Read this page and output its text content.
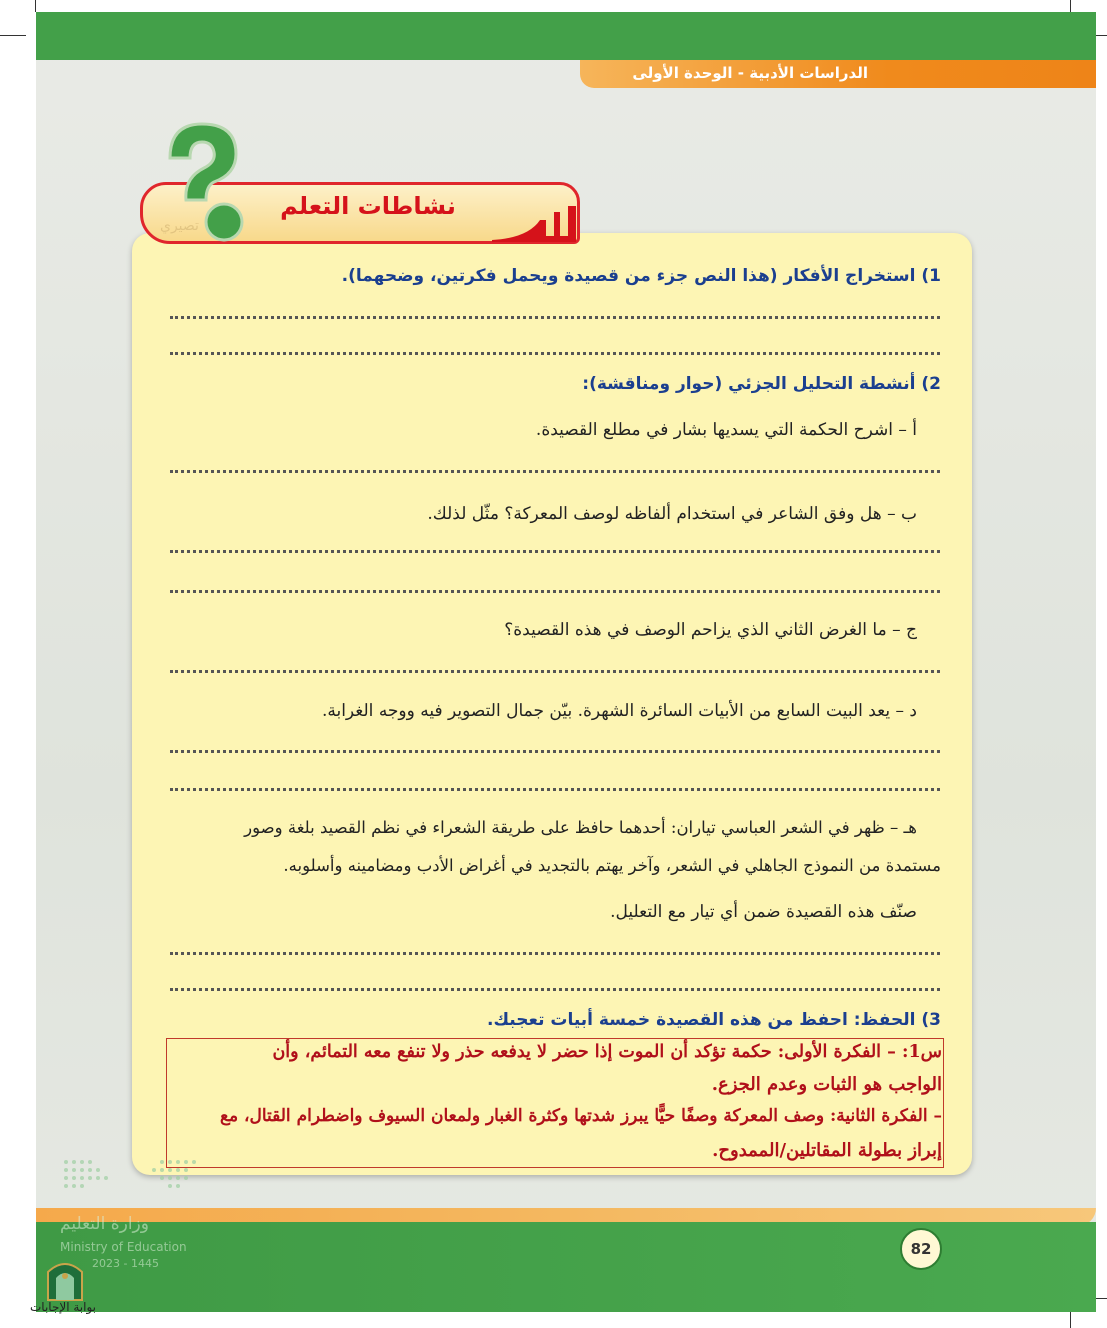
الدراسات الأدبية - الوحدة الأولى
تصيري
نشاطات التعلم
1) استخراج الأفكار (هذا النص جزء من قصيدة ويحمل فكرتين، وضحهما).
2) أنشطة التحليل الجزئي (حوار ومناقشة):
أ – اشرح الحكمة التي يسديها بشار في مطلع القصيدة.
ب – هل وفق الشاعر في استخدام ألفاظه لوصف المعركة؟ مثّل لذلك.
ج – ما الغرض الثاني الذي يزاحم الوصف في هذه القصيدة؟
د – يعد البيت السابع من الأبيات السائرة الشهرة. بيّن جمال التصوير فيه ووجه الغرابة.
هـ – ظهر في الشعر العباسي تياران: أحدهما حافظ على طريقة الشعراء في نظم القصيد بلغة وصور
مستمدة من النموذج الجاهلي في الشعر، وآخر يهتم بالتجديد في أغراض الأدب ومضامينه وأسلوبه.
صنّف هذه القصيدة ضمن أي تيار مع التعليل.
3) الحفظ: احفظ من هذه القصيدة خمسة أبيات تعجبك.
س1: – الفكرة الأولى: حكمة تؤكد أن الموت إذا حضر لا يدفعه حذر ولا تنفع معه التمائم، وأن
الواجب هو الثبات وعدم الجزع.
– الفكرة الثانية: وصف المعركة وصفًا حيًّا يبرز شدتها وكثرة الغبار ولمعان السيوف واضطرام القتال، مع
إبراز بطولة المقاتلين/الممدوح.
82
وزارة التعليم
Ministry of Education
2023 - 1445
بوابة الإجابات
